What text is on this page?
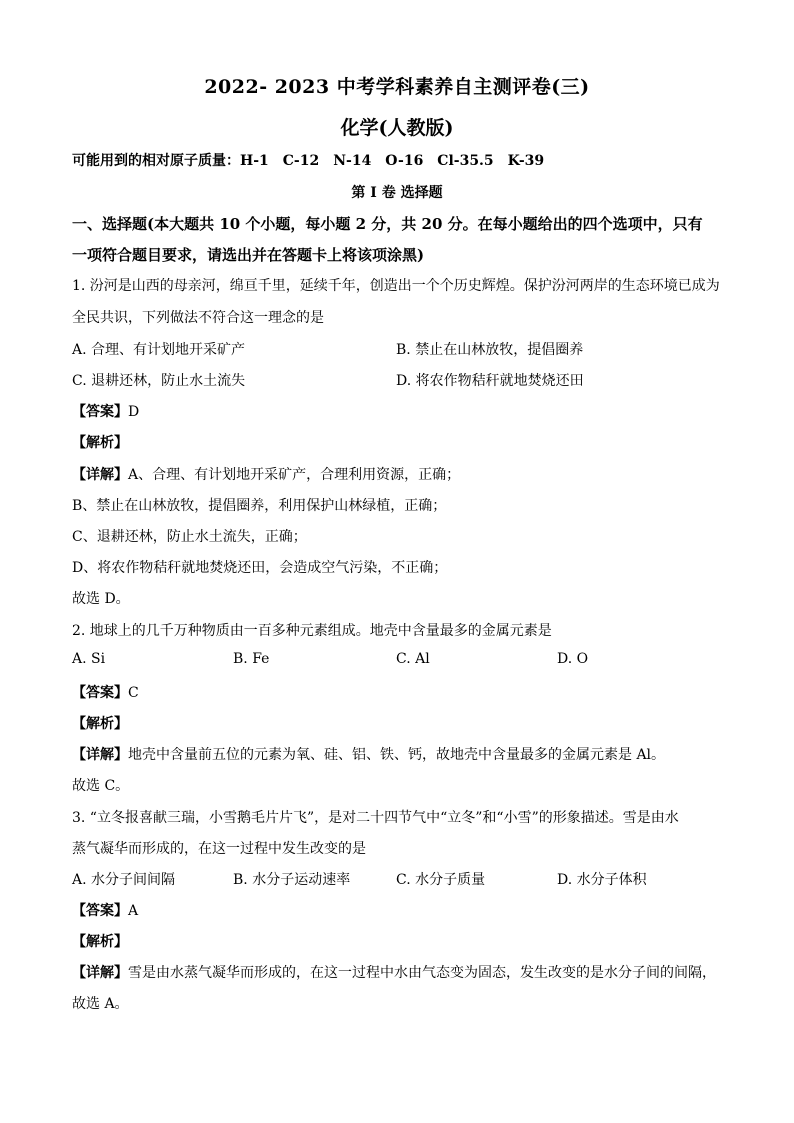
2022- 2023 中考学科素养自主测评卷(三)
化学(人教版)
可能用到的相对原子质量：H-1　C-12　N-14　O-16　Cl-35.5　K-39
第 I 卷 选择题
一、选择题(本大题共 10 个小题，每小题 2 分，共 20 分。在每小题给出的四个选项中，只有
一项符合题目要求，请选出并在答题卡上将该项涂黑)
1. 汾河是山西的母亲河，绵亘千里，延续千年，创造出一个个历史辉煌。保护汾河两岸的生态环境已成为
全民共识，下列做法不符合这一理念的是
A. 合理、有计划地开采矿产	B. 禁止在山林放牧，提倡圈养
C. 退耕还林，防止水土流失	D. 将农作物秸秆就地焚烧还田
【答案】D
【解析】
【详解】A、合理、有计划地开采矿产，合理利用资源，正确；
B、禁止在山林放牧，提倡圈养，利用保护山林绿植，正确；
C、退耕还林，防止水土流失，正确；
D、将农作物秸秆就地焚烧还田，会造成空气污染，不正确；
故选 D。
2. 地球上的几千万种物质由一百多种元素组成。地壳中含量最多的金属元素是
A. Si	B. Fe	C. Al	D. O
【答案】C
【解析】
【详解】地壳中含量前五位的元素为氧、硅、铝、铁、钙，故地壳中含量最多的金属元素是 Al。
故选 C。
3. “立冬报喜献三瑞，小雪鹅毛片片飞”，是对二十四节气中“立冬”和“小雪”的形象描述。雪是由水
蒸气凝华而形成的，在这一过程中发生改变的是
A. 水分子间间隔	B. 水分子运动速率	C. 水分子质量	D. 水分子体积
【答案】A
【解析】
【详解】雪是由水蒸气凝华而形成的，在这一过程中水由气态变为固态，发生改变的是水分子间的间隔，
故选 A。
